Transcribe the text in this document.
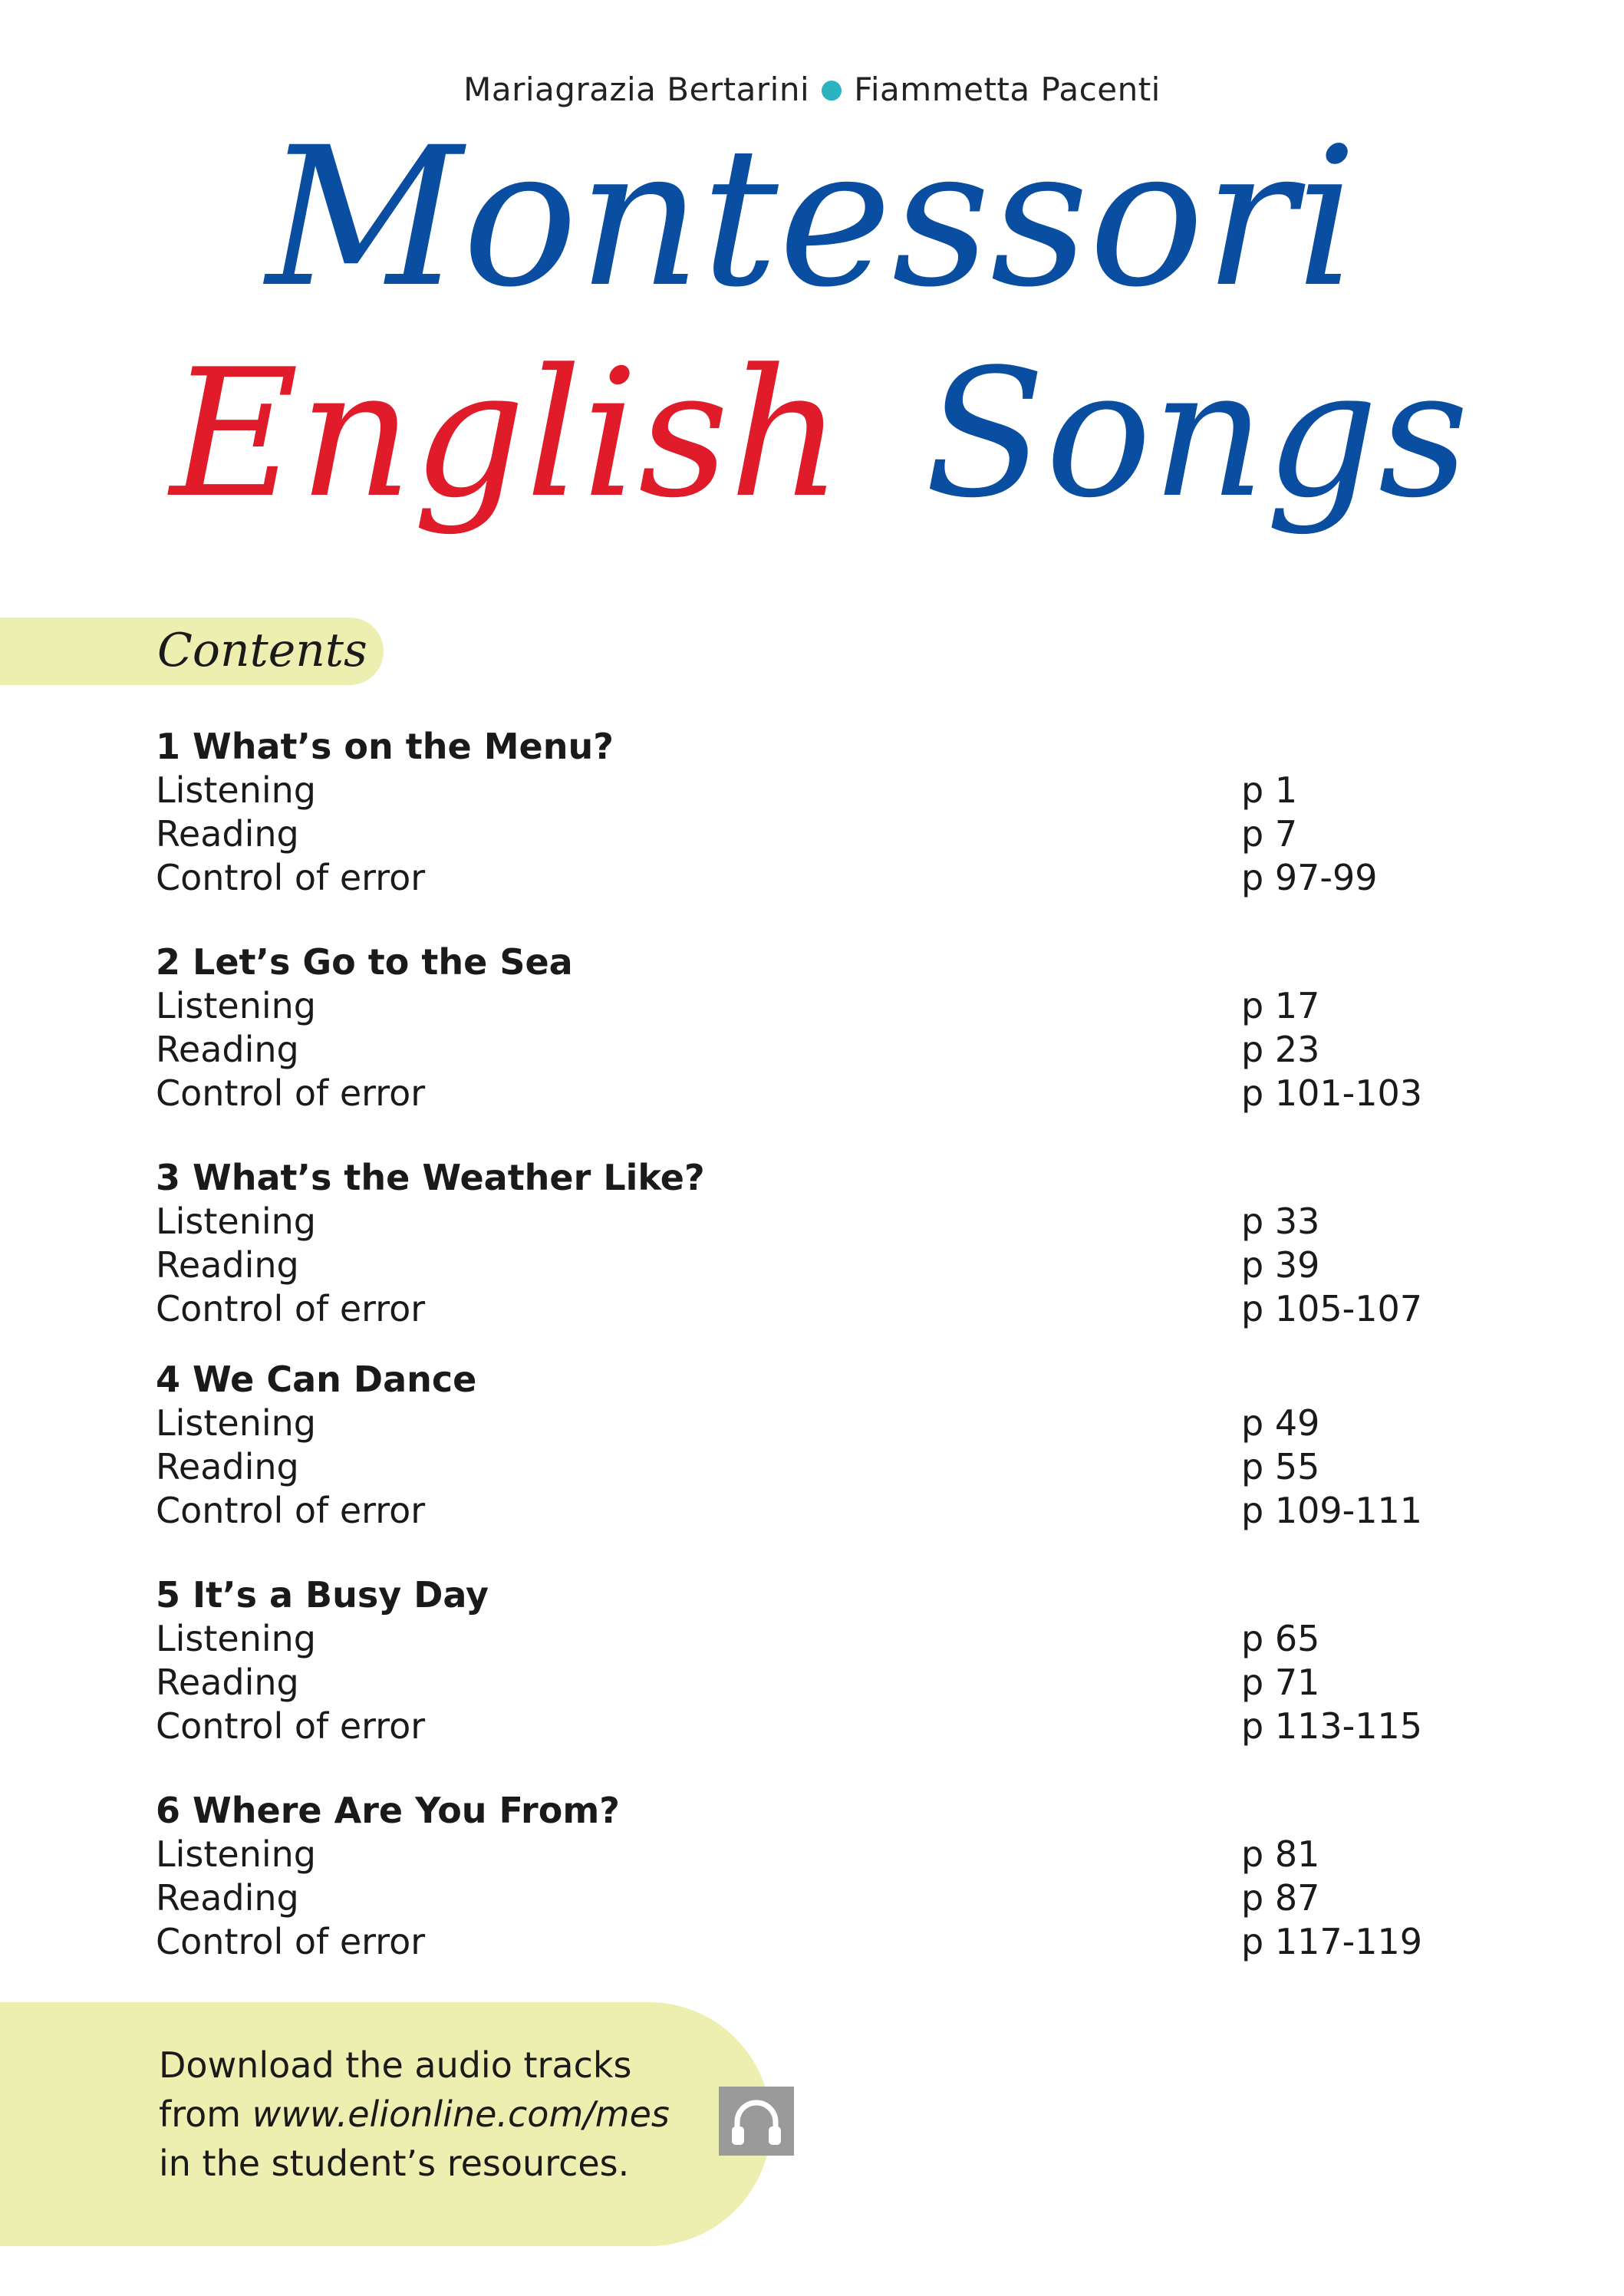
Mariagrazia Bertarini ● Fiammetta Pacenti
Montessori
English Songs
Contents
1 What’s on the Menu?
Listening	p 1
Reading	p 7
Control of error	p 97-99
2 Let’s Go to the Sea
Listening	p 17
Reading	p 23
Control of error	p 101-103
3 What’s the Weather Like?
Listening	p 33
Reading	p 39
Control of error	p 105-107
4 We Can Dance
Listening	p 49
Reading	p 55
Control of error	p 109-111
5 It’s a Busy Day
Listening	p 65
Reading	p 71
Control of error	p 113-115
6 Where Are You From?
Listening	p 81
Reading	p 87
Control of error	p 117-119
Download the audio tracks
from www.elionline.com/mes
in the student’s resources.
